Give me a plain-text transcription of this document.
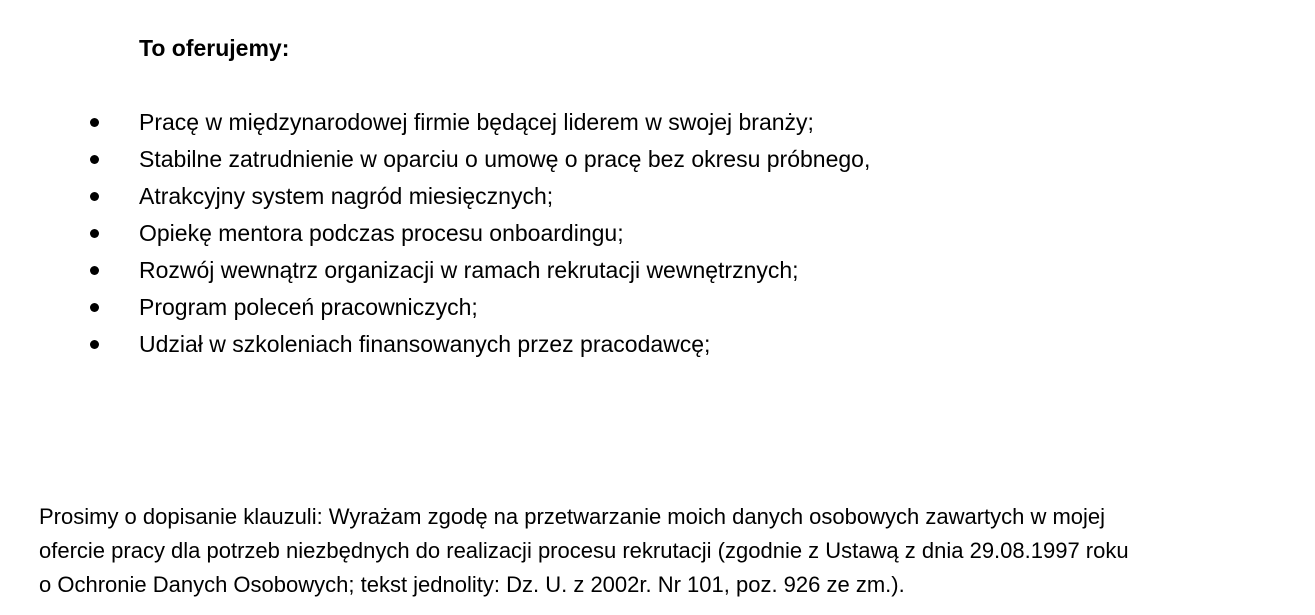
To oferujemy:
Pracę w międzynarodowej firmie będącej liderem w swojej branży;
Stabilne zatrudnienie w oparciu o umowę o pracę bez okresu próbnego,
Atrakcyjny system nagród miesięcznych;
Opiekę mentora podczas procesu onboardingu;
Rozwój wewnątrz organizacji w ramach rekrutacji wewnętrznych;
Program poleceń pracowniczych;
Udział w szkoleniach finansowanych przez pracodawcę;
Prosimy o dopisanie klauzuli: Wyrażam zgodę na przetwarzanie moich danych osobowych zawartych w mojej
ofercie pracy dla potrzeb niezbędnych do realizacji procesu rekrutacji (zgodnie z Ustawą z dnia 29.08.1997 roku
o Ochronie Danych Osobowych; tekst jednolity: Dz. U. z 2002r. Nr 101, poz. 926 ze zm.).
